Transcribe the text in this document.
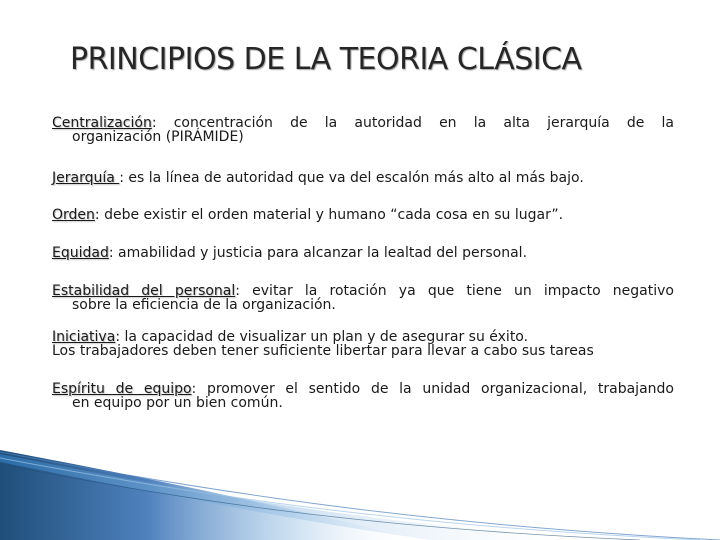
PRINCIPIOS DE LA TEORIA CLÁSICA

Centralización: concentración de la autoridad en la alta jerarquía de la
organización (PIRÁMIDE)

Jerarquía : es la línea de autoridad que va del escalón más alto al más bajo.

Orden: debe existir el orden material y humano “cada cosa en su lugar”.

Equidad: amabilidad y justicia para alcanzar la lealtad del personal.

Estabilidad del personal: evitar la rotación ya que tiene un impacto negativo
sobre la eficiencia de la organización.

Iniciativa: la capacidad de visualizar un plan y de asegurar su éxito.
Los trabajadores deben tener suficiente libertar para llevar a cabo sus tareas

Espíritu de equipo: promover el sentido de la unidad organizacional, trabajando
en equipo por un bien común.
